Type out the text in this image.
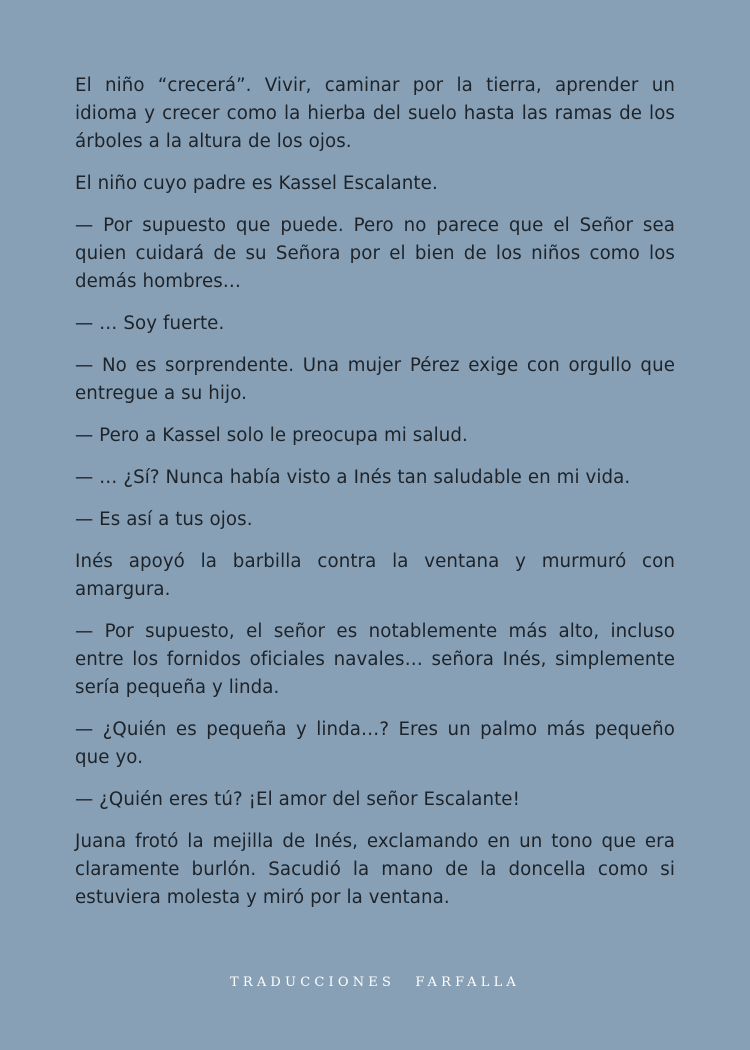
El niño “crecerá”. Vivir, caminar por la tierra, aprender un idioma y crecer como la hierba del suelo hasta las ramas de los árboles a la altura de los ojos.

El niño cuyo padre es Kassel Escalante.

— Por supuesto que puede. Pero no parece que el Señor sea quien cuidará de su Señora por el bien de los niños como los demás hombres…

— … Soy fuerte.

— No es sorprendente. Una mujer Pérez exige con orgullo que entregue a su hijo.

— Pero a Kassel solo le preocupa mi salud.

— … ¿Sí? Nunca había visto a Inés tan saludable en mi vida.

— Es así a tus ojos.

Inés apoyó la barbilla contra la ventana y murmuró con amargura.

— Por supuesto, el señor es notablemente más alto, incluso entre los fornidos oficiales navales… señora Inés, simplemente sería pequeña y linda.

— ¿Quién es pequeña y linda…? Eres un palmo más pequeño que yo.

— ¿Quién eres tú? ¡El amor del señor Escalante!

Juana frotó la mejilla de Inés, exclamando en un tono que era claramente burlón. Sacudió la mano de la doncella como si estuviera molesta y miró por la ventana.

TRADUCCIONES FARFALLA
